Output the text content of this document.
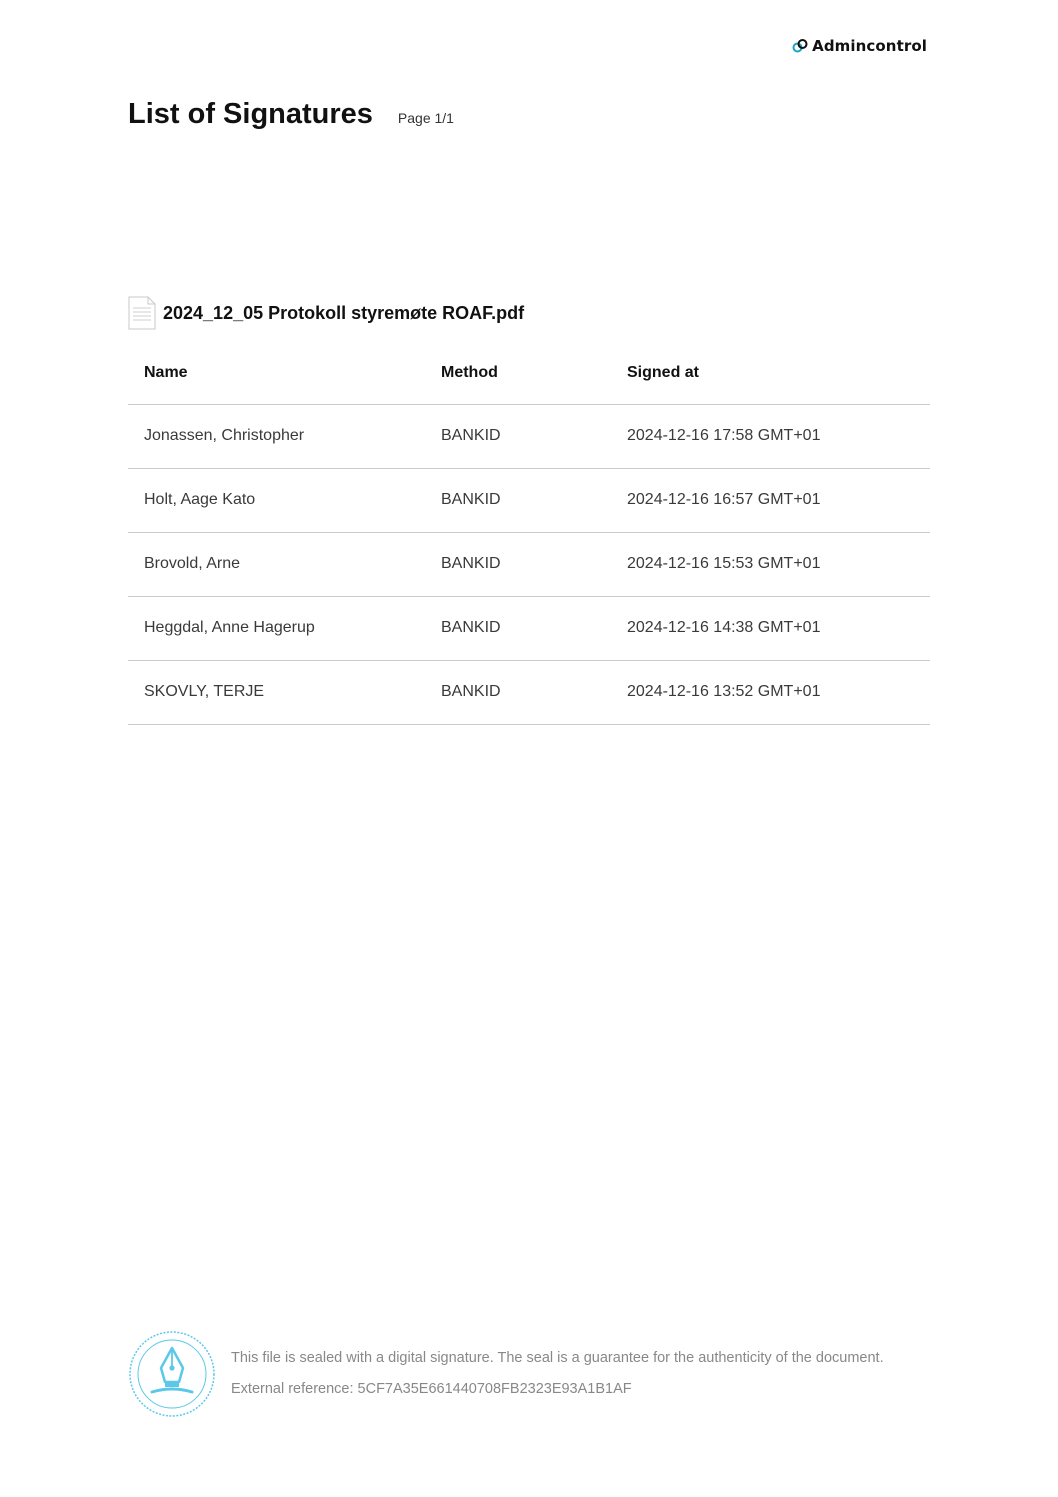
Admincontrol
List of Signatures Page 1/1
2024_12_05 Protokoll styremøte ROAF.pdf
Name	Method	Signed at
Jonassen, Christopher	BANKID	2024-12-16 17:58 GMT+01
Holt, Aage Kato	BANKID	2024-12-16 16:57 GMT+01
Brovold, Arne	BANKID	2024-12-16 15:53 GMT+01
Heggdal, Anne Hagerup	BANKID	2024-12-16 14:38 GMT+01
SKOVLY, TERJE	BANKID	2024-12-16 13:52 GMT+01
This file is sealed with a digital signature. The seal is a guarantee for the authenticity of the document.
External reference: 5CF7A35E661440708FB2323E93A1B1AF
